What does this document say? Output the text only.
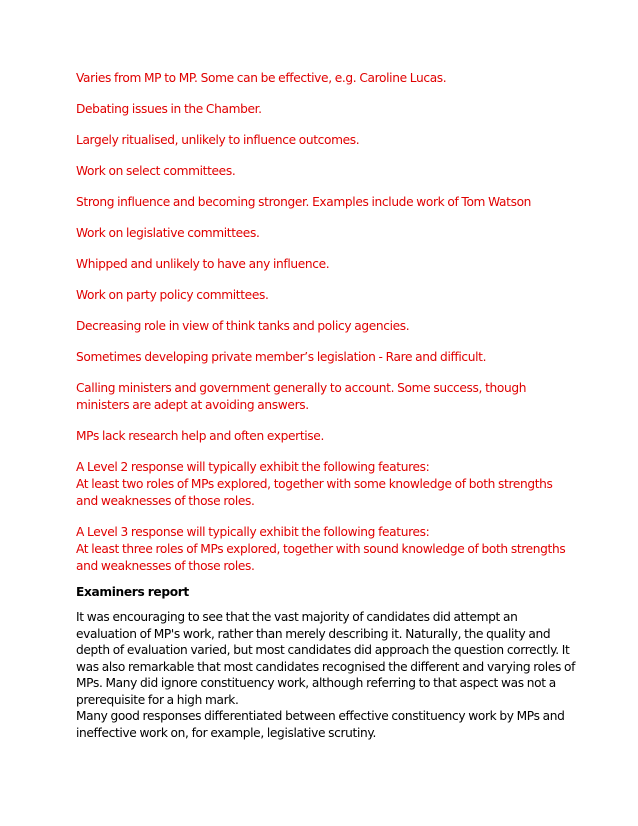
Varies from MP to MP. Some can be effective, e.g. Caroline Lucas.

Debating issues in the Chamber.

Largely ritualised, unlikely to influence outcomes.

Work on select committees.

Strong influence and becoming stronger. Examples include work of Tom Watson

Work on legislative committees.

Whipped and unlikely to have any influence.

Work on party policy committees.

Decreasing role in view of think tanks and policy agencies.

Sometimes developing private member’s legislation - Rare and difficult.

Calling ministers and government generally to account. Some success, though ministers are adept at avoiding answers.

MPs lack research help and often expertise.

A Level 2 response will typically exhibit the following features:

At least two roles of MPs explored, together with some knowledge of both strengths and weaknesses of those roles.

A Level 3 response will typically exhibit the following features:

At least three roles of MPs explored, together with sound knowledge of both strengths and weaknesses of those roles.

Examiners report

It was encouraging to see that the vast majority of candidates did attempt an evaluation of MP's work, rather than merely describing it. Naturally, the quality and depth of evaluation varied, but most candidates did approach the question correctly. It was also remarkable that most candidates recognised the different and varying roles of MPs. Many did ignore constituency work, although referring to that aspect was not a prerequisite for a high mark.

Many good responses differentiated between effective constituency work by MPs and ineffective work on, for example, legislative scrutiny.
